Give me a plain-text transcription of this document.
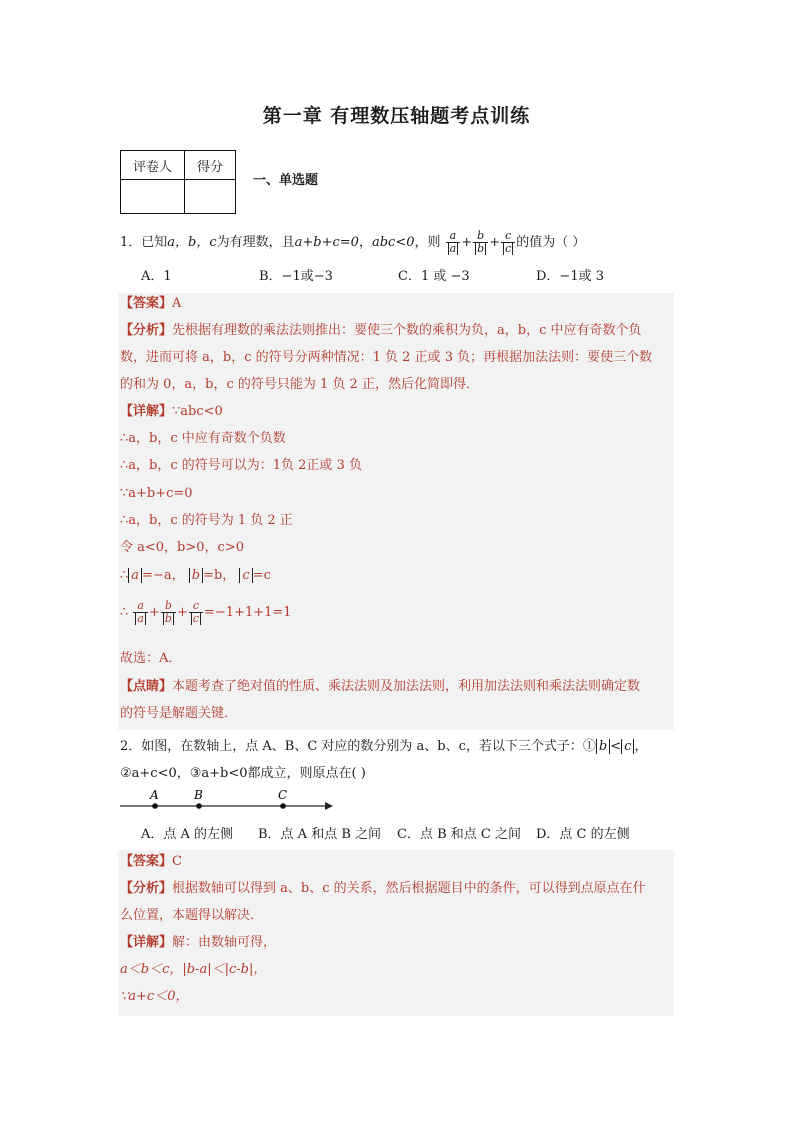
第一章 有理数压轴题考点训练
评卷人	得分

一、单选题
1．已知a，b，c为有理数，且a+b+c=0，abc<0，则 $\frac{a}{a} + \frac{b}{b} + \frac{c}{c}$ 的值为（ ）
A．1	B．−1或−3	C．1 或 −3	D．−1或 3
【答案】A
【分析】先根据有理数的乘法法则推出：要使三个数的乘积为负，a，b，c 中应有奇数个负
数，进而可将 a，b，c 的符号分两种情况：1 负 2 正或 3 负；再根据加法法则：要使三个数
的和为 0，a，b，c 的符号只能为 1 负 2 正，然后化简即得．
【详解】∵abc<0
∴a，b，c 中应有奇数个负数
∴a，b，c 的符号可以为：1负 2正或 3 负
∵a+b+c=0
∴a，b，c 的符号为 1 负 2 正
令 a<0，b>0，c>0
∴ a =−a， b =b， c =c
∴ $\frac{a}{a} + \frac{b}{b} + \frac{c}{c} =-1+1+1=1$
故选：A．
【点睛】本题考查了绝对值的性质、乘法法则及加法法则，利用加法法则和乘法法则确定数
的符号是解题关键．
2．如图，在数轴上，点 A、B、C 对应的数分别为 a、b、c，若以下三个式子：① b < c ，
②a+c<0，③a+b<0都成立，则原点在( )
A	B	C
A．点 A 的左侧 B．点 A 和点 B 之间 C．点 B 和点 C 之间 D．点 C 的左侧
【答案】C
【分析】根据数轴可以得到 a、b、c 的关系，然后根据题目中的条件，可以得到点原点在什
么位置，本题得以解决．
【详解】解：由数轴可得，
a＜b＜c，|b-a|＜|c-b|，
∵a+c＜0，
